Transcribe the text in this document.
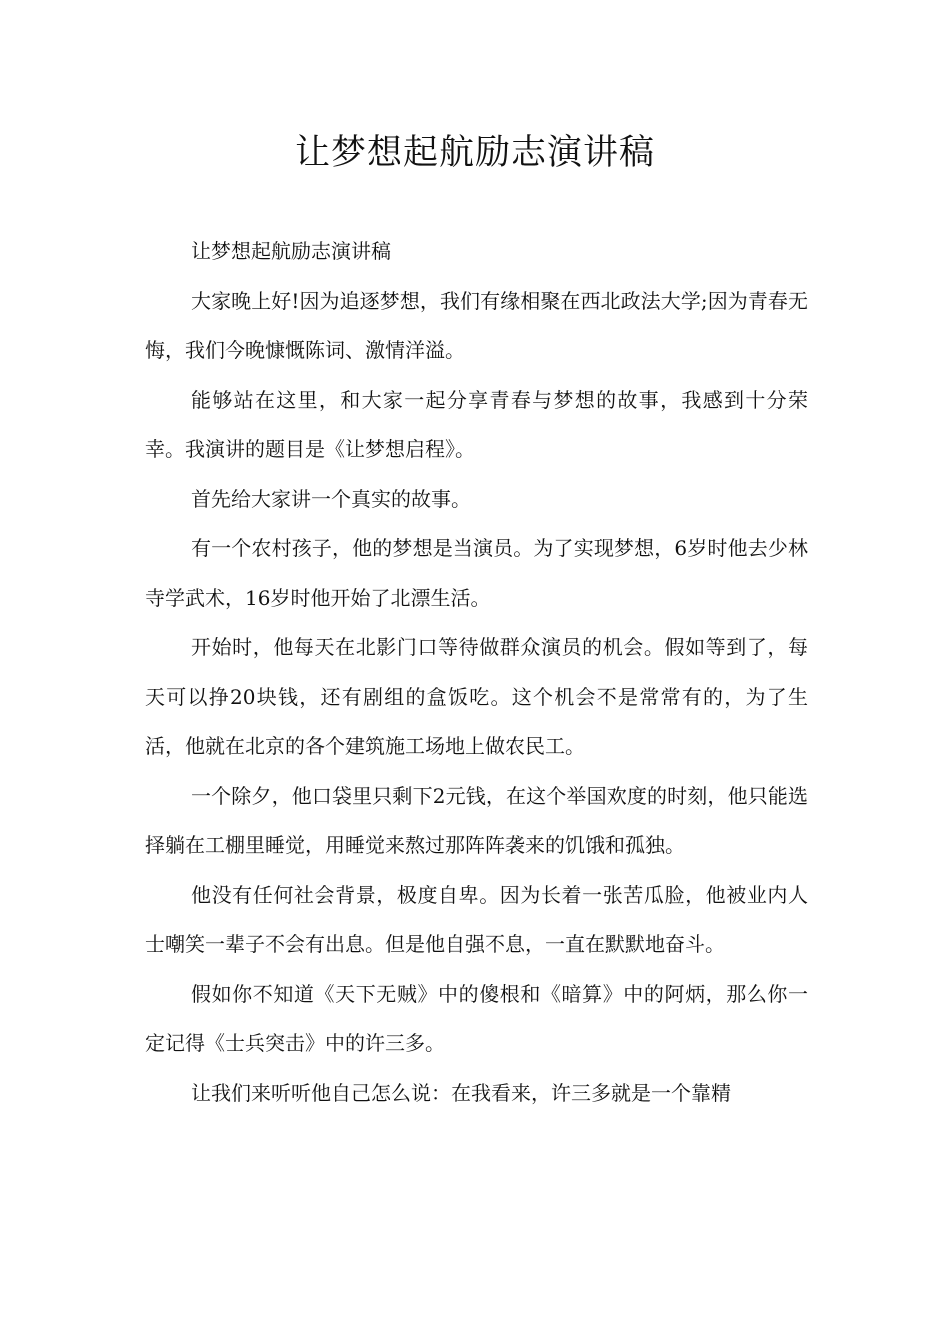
让梦想起航励志演讲稿

让梦想起航励志演讲稿

大家晚上好!因为追逐梦想，我们有缘相聚在西北政法大学;因为青春无悔，我们今晚慷慨陈词、激情洋溢。

能够站在这里，和大家一起分享青春与梦想的故事，我感到十分荣幸。我演讲的题目是《让梦想启程》。

首先给大家讲一个真实的故事。

有一个农村孩子，他的梦想是当演员。为了实现梦想，6岁时他去少林寺学武术，16岁时他开始了北漂生活。

开始时，他每天在北影门口等待做群众演员的机会。假如等到了，每天可以挣20块钱，还有剧组的盒饭吃。这个机会不是常常有的，为了生活，他就在北京的各个建筑施工场地上做农民工。

一个除夕，他口袋里只剩下2元钱，在这个举国欢度的时刻，他只能选择躺在工棚里睡觉，用睡觉来熬过那阵阵袭来的饥饿和孤独。

他没有任何社会背景，极度自卑。因为长着一张苦瓜脸，他被业内人士嘲笑一辈子不会有出息。但是他自强不息，一直在默默地奋斗。

假如你不知道《天下无贼》中的傻根和《暗算》中的阿炳，那么你一定记得《士兵突击》中的许三多。

让我们来听听他自己怎么说：在我看来，许三多就是一个靠精
